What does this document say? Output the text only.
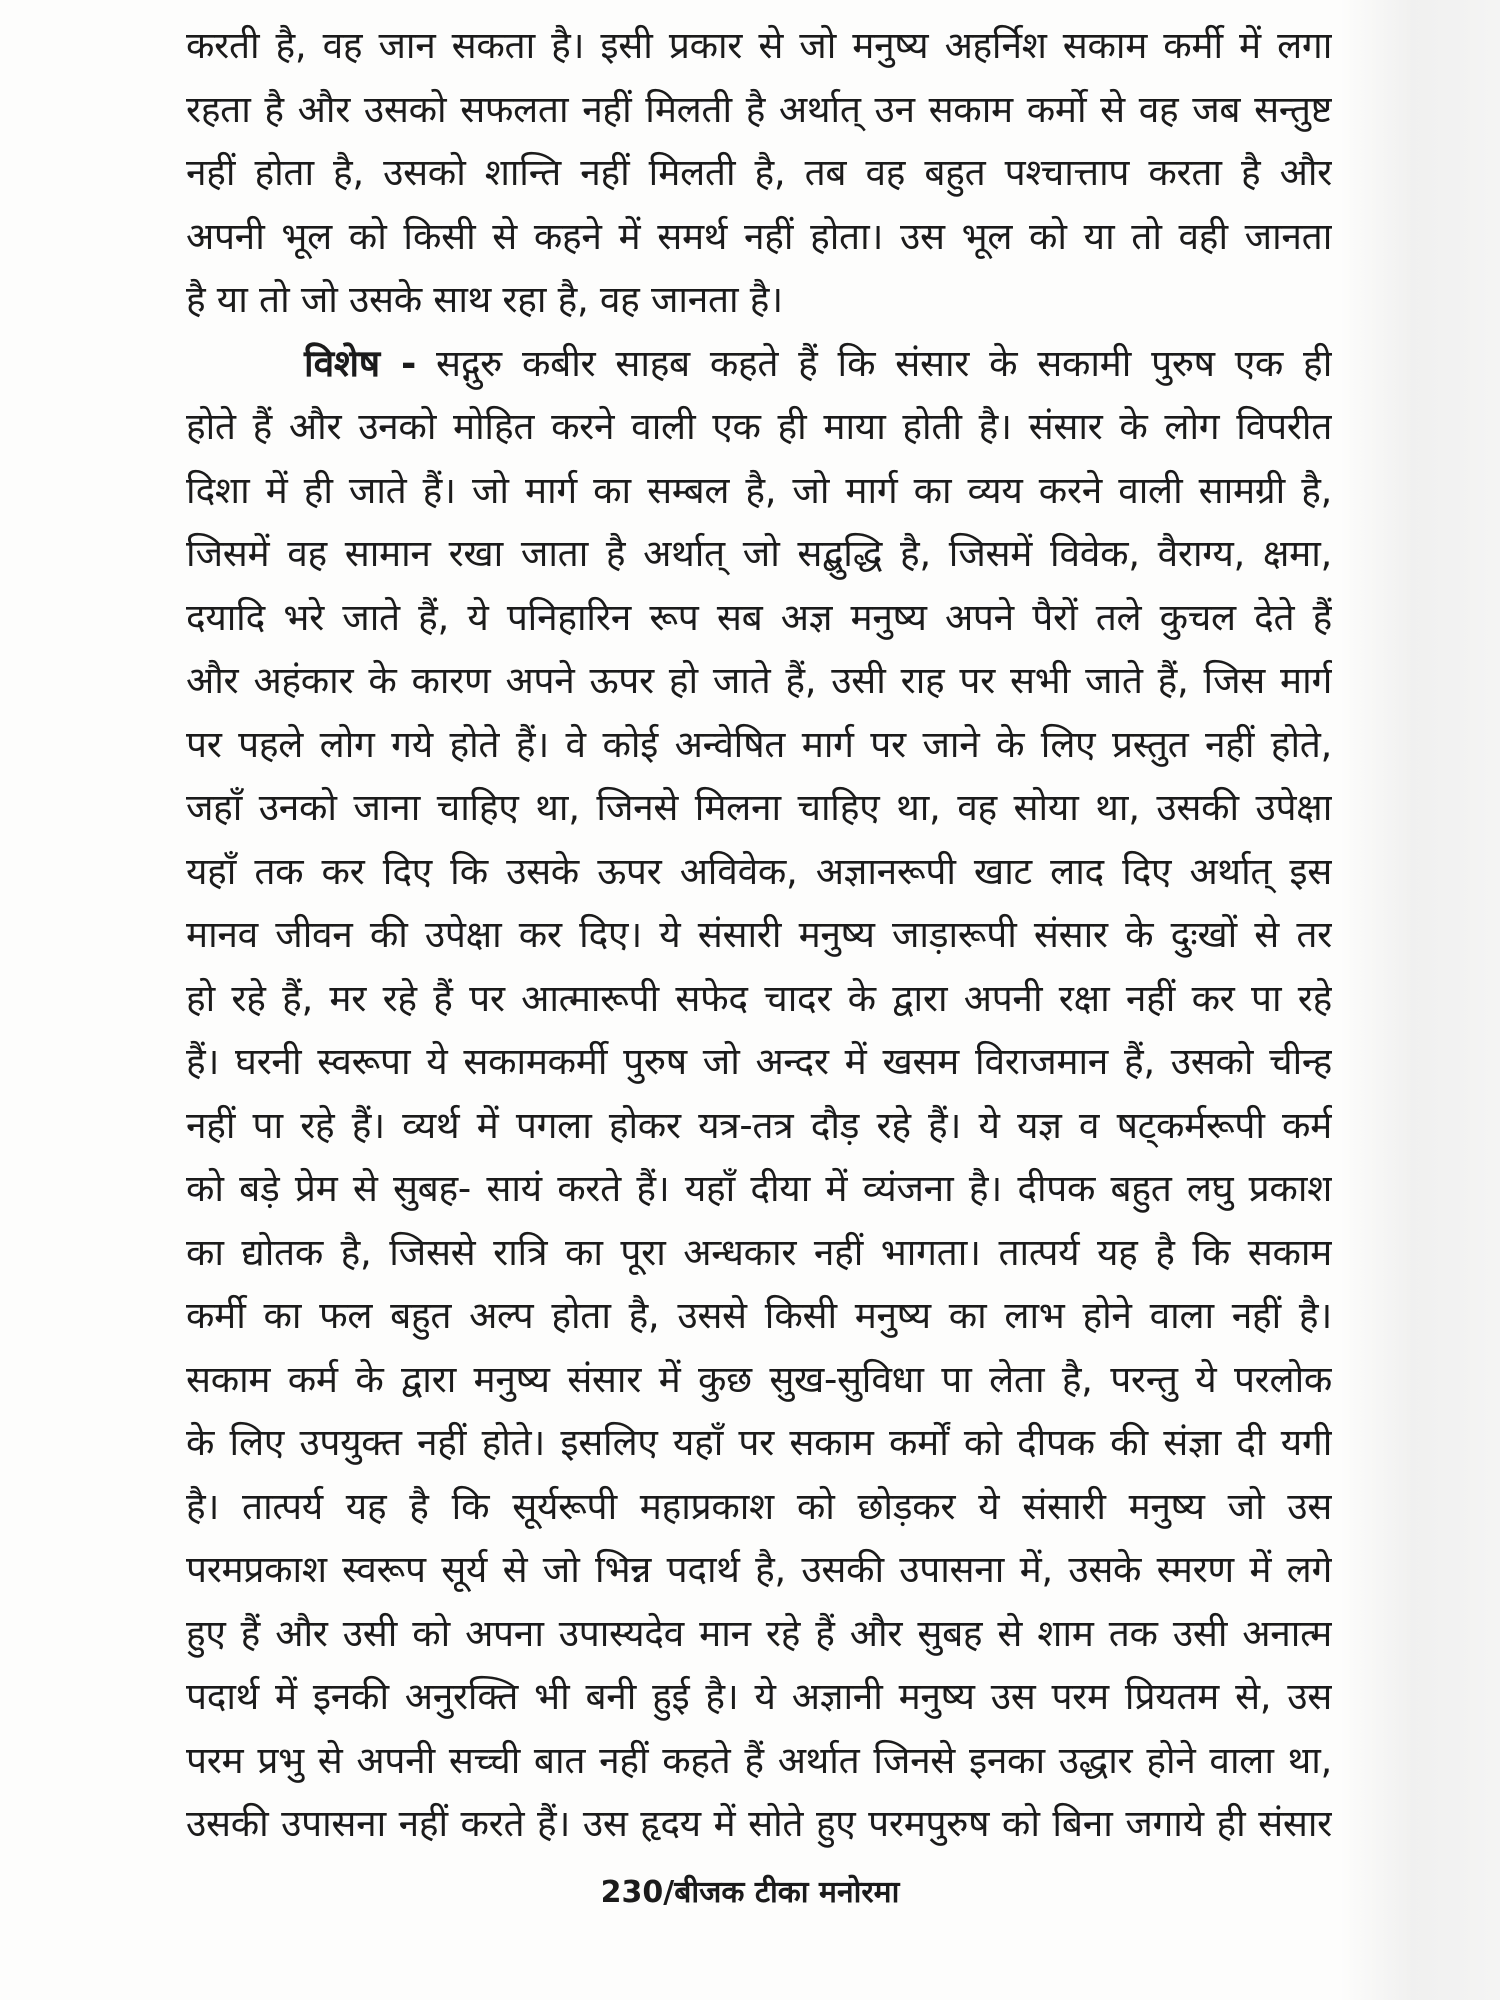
करती है, वह जान सकता है। इसी प्रकार से जो मनुष्य अहर्निश सकाम कर्मी में लगा
रहता है और उसको सफलता नहीं मिलती है अर्थात् उन सकाम कर्मो से वह जब सन्तुष्ट
नहीं होता है, उसको शान्ति नहीं मिलती है, तब वह बहुत पश्चात्ताप करता है और
अपनी भूल को किसी से कहने में समर्थ नहीं होता। उस भूल को या तो वही जानता
है या तो जो उसके साथ रहा है, वह जानता है।
विशेष - सद्गुरु कबीर साहब कहते हैं कि संसार के सकामी पुरुष एक ही
होते हैं और उनको मोहित करने वाली एक ही माया होती है। संसार के लोग विपरीत
दिशा में ही जाते हैं। जो मार्ग का सम्बल है, जो मार्ग का व्यय करने वाली सामग्री है,
जिसमें वह सामान रखा जाता है अर्थात् जो सद्बुद्धि है, जिसमें विवेक, वैराग्य, क्षमा,
दयादि भरे जाते हैं, ये पनिहारिन रूप सब अज्ञ मनुष्य अपने पैरों तले कुचल देते हैं
और अहंकार के कारण अपने ऊपर हो जाते हैं, उसी राह पर सभी जाते हैं, जिस मार्ग
पर पहले लोग गये होते हैं। वे कोई अन्वेषित मार्ग पर जाने के लिए प्रस्तुत नहीं होते,
जहाँ उनको जाना चाहिए था, जिनसे मिलना चाहिए था, वह सोया था, उसकी उपेक्षा
यहाँ तक कर दिए कि उसके ऊपर अविवेक, अज्ञानरूपी खाट लाद दिए अर्थात् इस
मानव जीवन की उपेक्षा कर दिए। ये संसारी मनुष्य जाड़ारूपी संसार के दुःखों से तर
हो रहे हैं, मर रहे हैं पर आत्मारूपी सफेद चादर के द्वारा अपनी रक्षा नहीं कर पा रहे
हैं। घरनी स्वरूपा ये सकामकर्मी पुरुष जो अन्दर में खसम विराजमान हैं, उसको चीन्ह
नहीं पा रहे हैं। व्यर्थ में पगला होकर यत्र-तत्र दौड़ रहे हैं। ये यज्ञ व षट्कर्मरूपी कर्म
को बड़े प्रेम से सुबह- सायं करते हैं। यहाँ दीया में व्यंजना है। दीपक बहुत लघु प्रकाश
का द्योतक है, जिससे रात्रि का पूरा अन्धकार नहीं भागता। तात्पर्य यह है कि सकाम
कर्मी का फल बहुत अल्प होता है, उससे किसी मनुष्य का लाभ होने वाला नहीं है।
सकाम कर्म के द्वारा मनुष्य संसार में कुछ सुख-सुविधा पा लेता है, परन्तु ये परलोक
के लिए उपयुक्त नहीं होते। इसलिए यहाँ पर सकाम कर्मों को दीपक की संज्ञा दी यगी
है। तात्पर्य यह है कि सूर्यरूपी महाप्रकाश को छोड़कर ये संसारी मनुष्य जो उस
परमप्रकाश स्वरूप सूर्य से जो भिन्न पदार्थ है, उसकी उपासना में, उसके स्मरण में लगे
हुए हैं और उसी को अपना उपास्यदेव मान रहे हैं और सुबह से शाम तक उसी अनात्म
पदार्थ में इनकी अनुरक्ति भी बनी हुई है। ये अज्ञानी मनुष्य उस परम प्रियतम से, उस
परम प्रभु से अपनी सच्ची बात नहीं कहते हैं अर्थात जिनसे इनका उद्धार होने वाला था,
उसकी उपासना नहीं करते हैं। उस हृदय में सोते हुए परमपुरुष को बिना जगाये ही संसार
230/बीजक टीका मनोरमा
